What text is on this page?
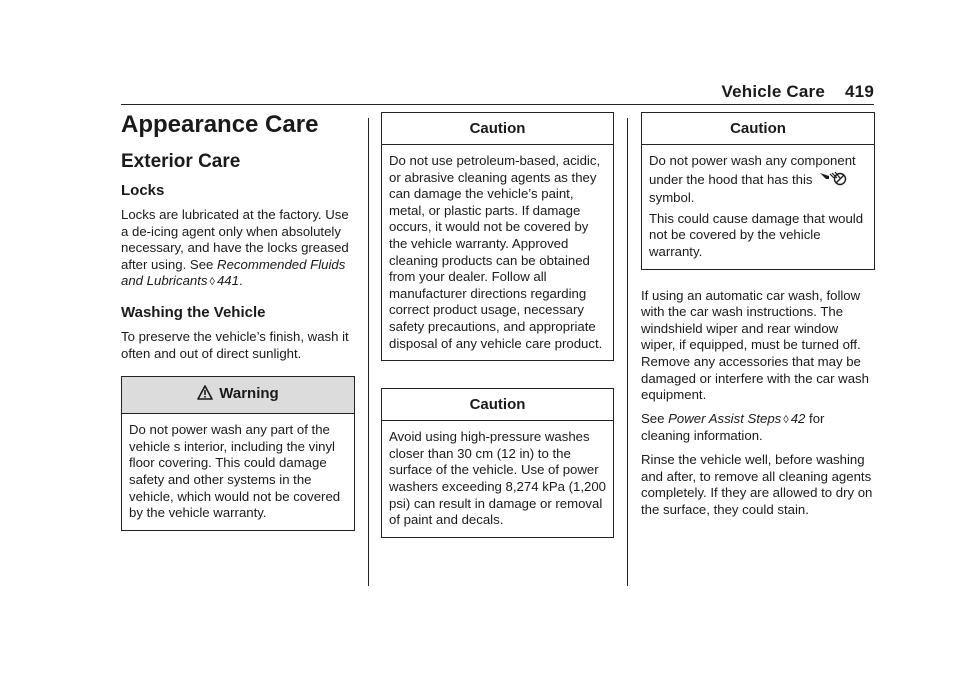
Vehicle Care 419
Appearance Care
Exterior Care
Locks

Locks are lubricated at the factory. Use a de-icing agent only when absolutely necessary, and have the locks greased after using. See Recommended Fluids and Lubricants ◊ 441.

Washing the Vehicle

To preserve the vehicle’s finish, wash it often and out of direct sunlight.

Warning

Do not power wash any part of the vehicle s interior, including the vinyl floor covering. This could damage safety and other systems in the vehicle, which would not be covered by the vehicle warranty.

Caution

Do not use petroleum-based, acidic, or abrasive cleaning agents as they can damage the vehicle’s paint, metal, or plastic parts. If damage occurs, it would not be covered by the vehicle warranty. Approved cleaning products can be obtained from your dealer. Follow all manufacturer directions regarding correct product usage, necessary safety precautions, and appropriate disposal of any vehicle care product.

Caution

Avoid using high-pressure washes closer than 30 cm (12 in) to the surface of the vehicle. Use of power washers exceeding 8,274 kPa (1,200 psi) can result in damage or removal of paint and decals.

Caution

Do not power wash any component under the hood that has this  symbol.

This could cause damage that would not be covered by the vehicle warranty.

If using an automatic car wash, follow with the car wash instructions. The windshield wiper and rear window wiper, if equipped, must be turned off. Remove any accessories that may be damaged or interfere with the car wash equipment.

See Power Assist Steps ◊ 42 for cleaning information.

Rinse the vehicle well, before washing and after, to remove all cleaning agents completely. If they are allowed to dry on the surface, they could stain.
